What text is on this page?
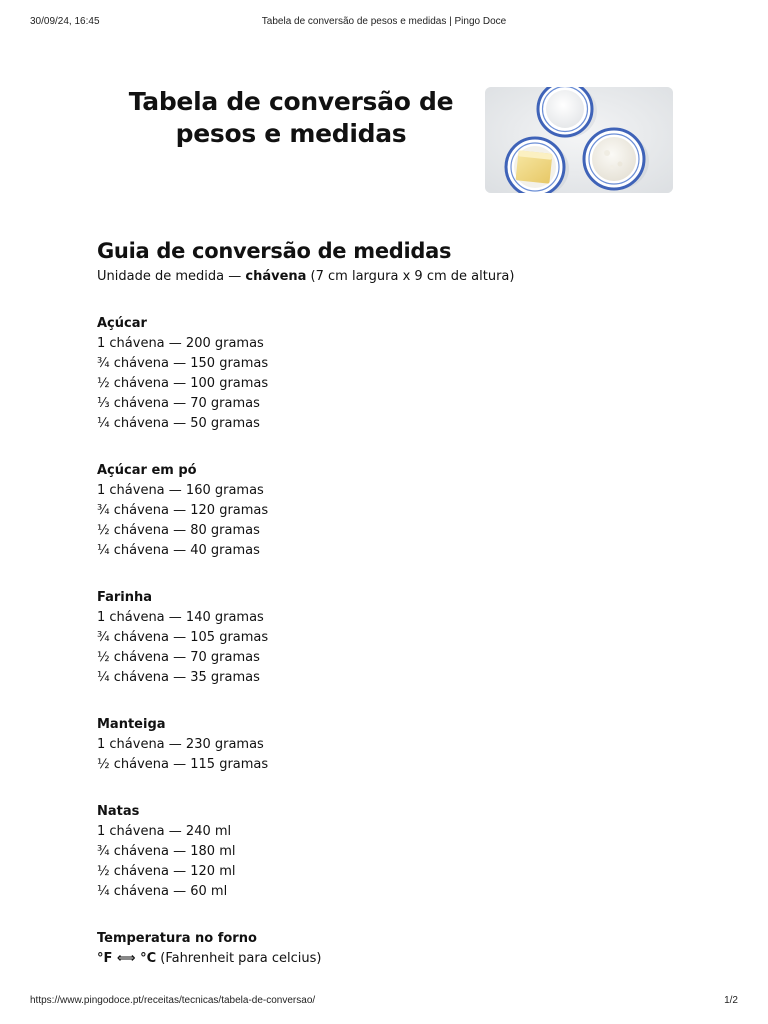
30/09/24, 16:45	Tabela de conversão de pesos e medidas | Pingo Doce
Tabela de conversão de
pesos e medidas
Guia de conversão de medidas

Unidade de medida — chávena (7 cm largura x 9 cm de altura)

Açúcar

1 chávena — 200 gramas

¾ chávena — 150 gramas

½ chávena — 100 gramas

⅓ chávena — 70 gramas

¼ chávena — 50 gramas

Açúcar em pó

1 chávena — 160 gramas

¾ chávena — 120 gramas

½ chávena — 80 gramas

¼ chávena — 40 gramas

Farinha

1 chávena — 140 gramas

¾ chávena — 105 gramas

½ chávena — 70 gramas

¼ chávena — 35 gramas

Manteiga

1 chávena — 230 gramas

½ chávena — 115 gramas

Natas

1 chávena — 240 ml

¾ chávena — 180 ml

½ chávena — 120 ml

¼ chávena — 60 ml

Temperatura no forno

°F ⟺ °C (Fahrenheit para celcius)

https://www.pingodoce.pt/receitas/tecnicas/tabela-de-conversao/	1/2
